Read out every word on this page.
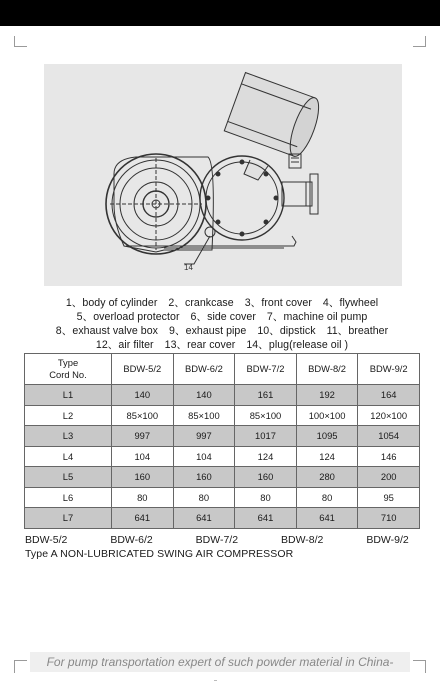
14
1、body of cylinder 2、crankcase 3、front cover 4、flywheel 5、overload protector 6、side cover 7、machine oil pump 8、exhaust valve box 9、exhaust pipe 10、dipstick 11、breather 12、air filter 13、rear cover 14、plug(release oil )
Type
Cord No.	BDW-5/2	BDW-6/2	BDW-7/2	BDW-8/2	BDW-9/2
L1	140	140	161	192	164
L2	85×100	85×100	85×100	100×100	120×100
L3	997	997	1017	1095	1054
L4	104	104	124	124	146
L5	160	160	160	280	200
L6	80	80	80	80	95
L7	641	641	641	641	710
BDW-5/2	BDW-6/2	BDW-7/2	BDW-8/2	BDW-9/2
Type A NON-LUBRICATED SWING AIR COMPRESSOR
For pump transportation expert of such powder material in China-
